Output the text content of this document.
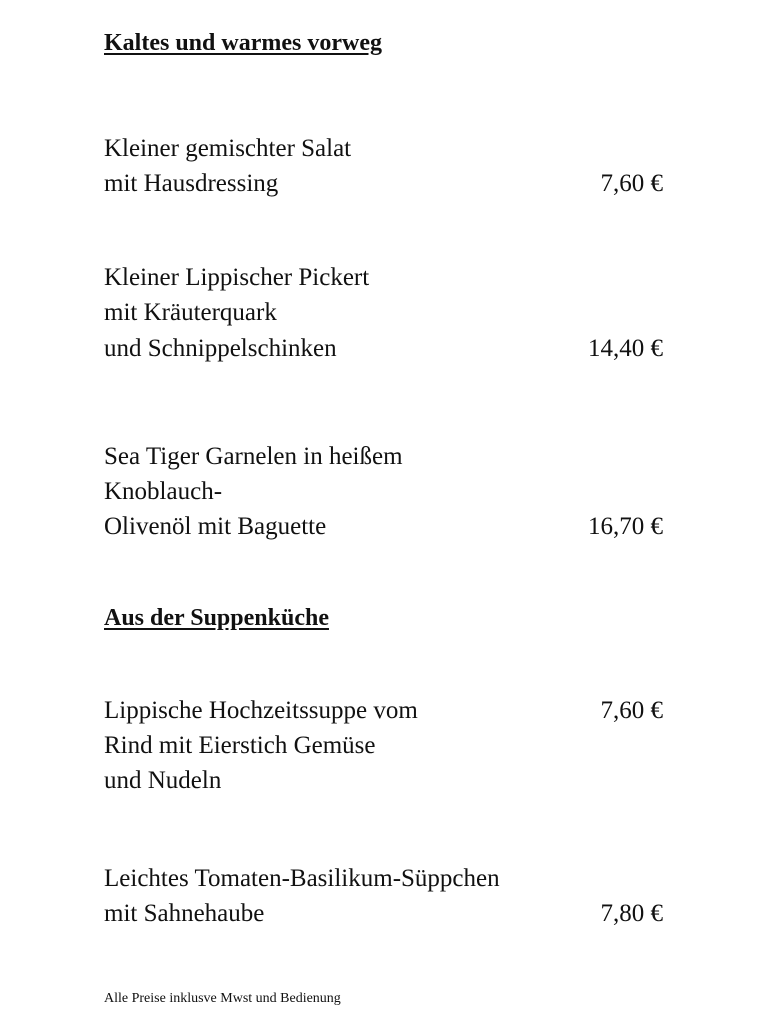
Kaltes und warmes vorweg
Kleiner gemischter Salat
mit Hausdressing	7,60 €
Kleiner Lippischer Pickert
mit Kräuterquark
und Schnippelschinken	14,40 €
Sea Tiger Garnelen in heißem
Knoblauch-
Olivenöl mit Baguette	16,70 €
Aus der Suppenküche
Lippische Hochzeitssuppe vom	7,60 €
Rind mit Eierstich Gemüse
und Nudeln
Leichtes Tomaten-Basilikum-Süppchen
mit Sahnehaube	7,80 €
Alle Preise inklusve Mwst und Bedienung
